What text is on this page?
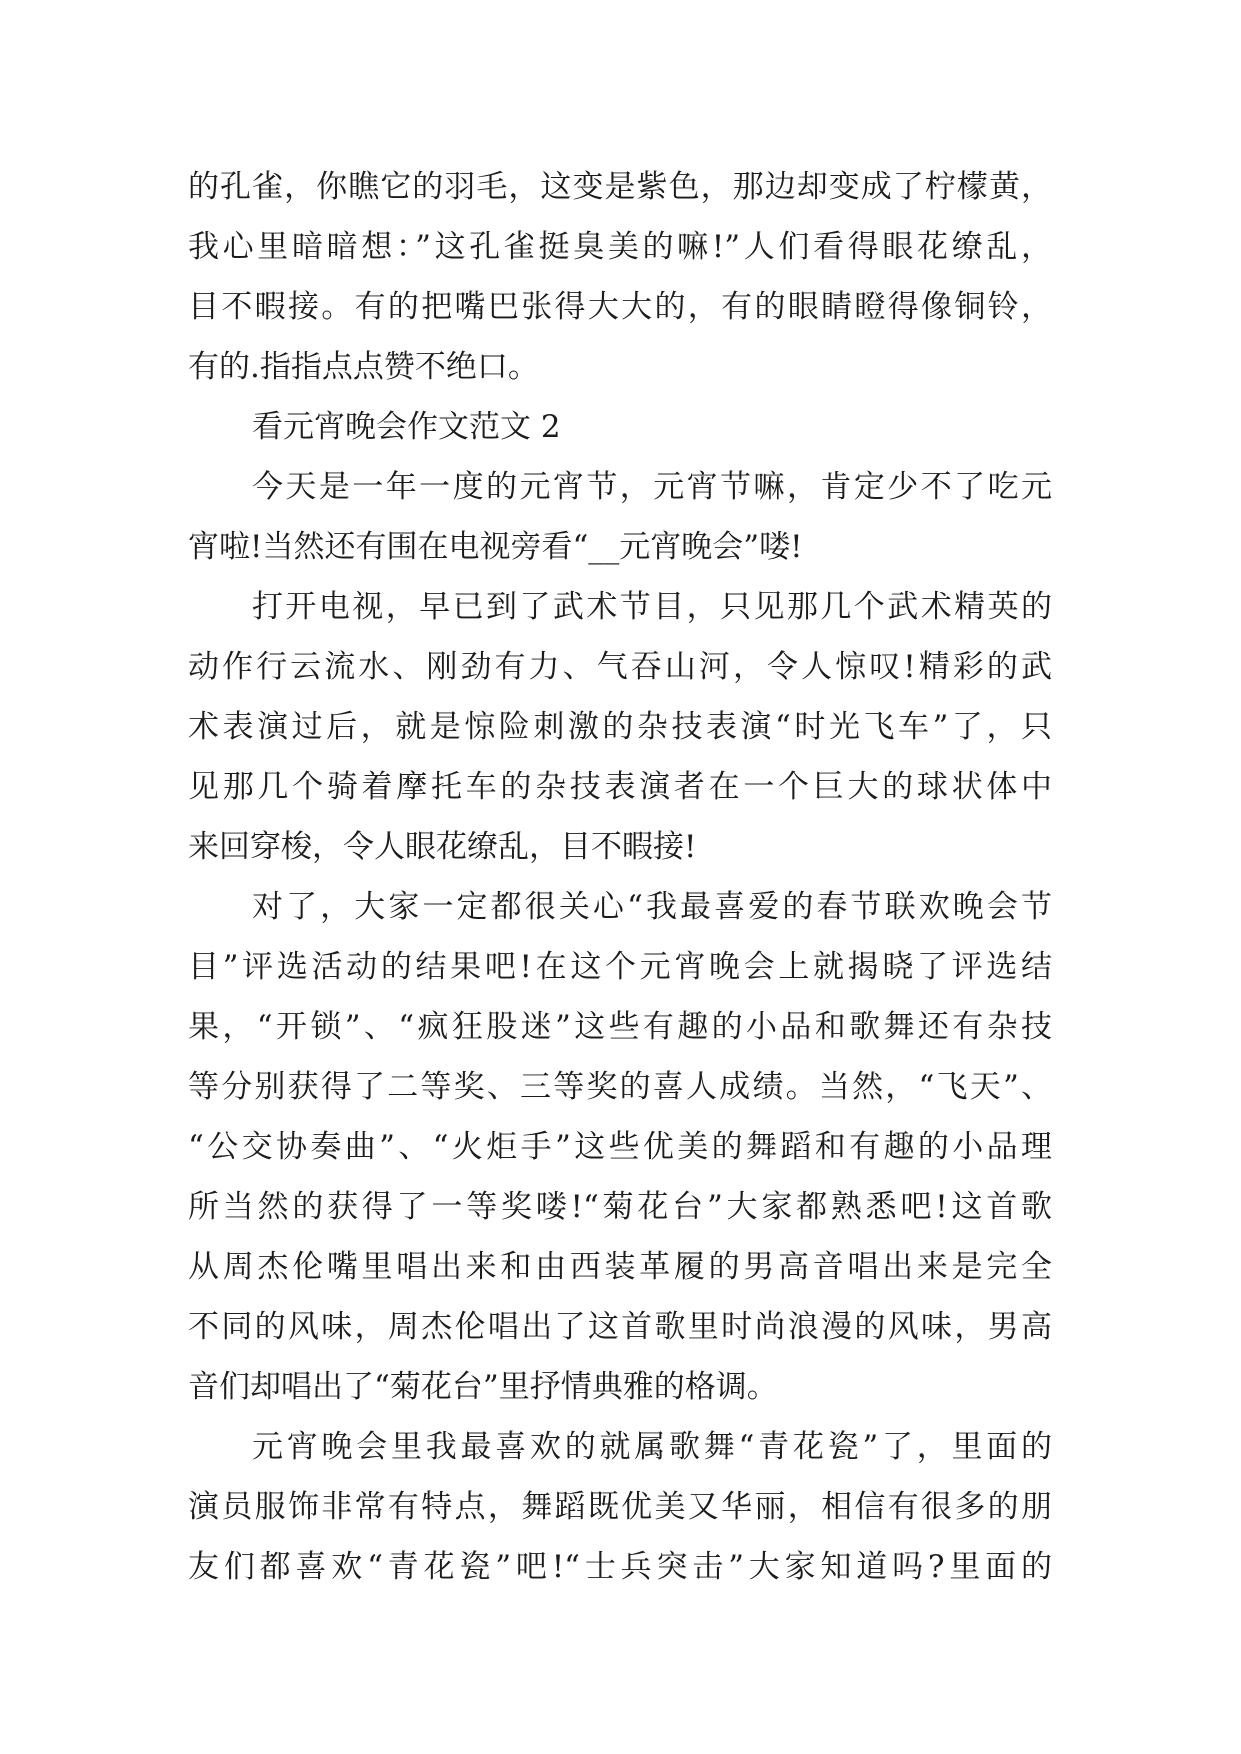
的孔雀，你瞧它的羽毛，这变是紫色，那边却变成了柠檬黄，
我心里暗暗想：”这孔雀挺臭美的嘛!”人们看得眼花缭乱，
目不暇接。有的把嘴巴张得大大的，有的眼睛瞪得像铜铃，
有的.指指点点赞不绝口。
看元宵晚会作文范文 2
今天是一年一度的元宵节，元宵节嘛，肯定少不了吃元
宵啦!当然还有围在电视旁看“__元宵晚会”喽!
打开电视，早已到了武术节目，只见那几个武术精英的
动作行云流水、刚劲有力、气吞山河，令人惊叹!精彩的武
术表演过后，就是惊险刺激的杂技表演“时光飞车”了，只
见那几个骑着摩托车的杂技表演者在一个巨大的球状体中
来回穿梭，令人眼花缭乱，目不暇接!
对了，大家一定都很关心“我最喜爱的春节联欢晚会节
目”评选活动的结果吧!在这个元宵晚会上就揭晓了评选结
果，“开锁”、“疯狂股迷”这些有趣的小品和歌舞还有杂技
等分别获得了二等奖、三等奖的喜人成绩。当然，“飞天”、
“公交协奏曲”、“火炬手”这些优美的舞蹈和有趣的小品理
所当然的获得了一等奖喽!“菊花台”大家都熟悉吧!这首歌
从周杰伦嘴里唱出来和由西装革履的男高音唱出来是完全
不同的风味，周杰伦唱出了这首歌里时尚浪漫的风味，男高
音们却唱出了“菊花台”里抒情典雅的格调。
元宵晚会里我最喜欢的就属歌舞“青花瓷”了，里面的
演员服饰非常有特点，舞蹈既优美又华丽，相信有很多的朋
友们都喜欢“青花瓷”吧!“士兵突击”大家知道吗?里面的
